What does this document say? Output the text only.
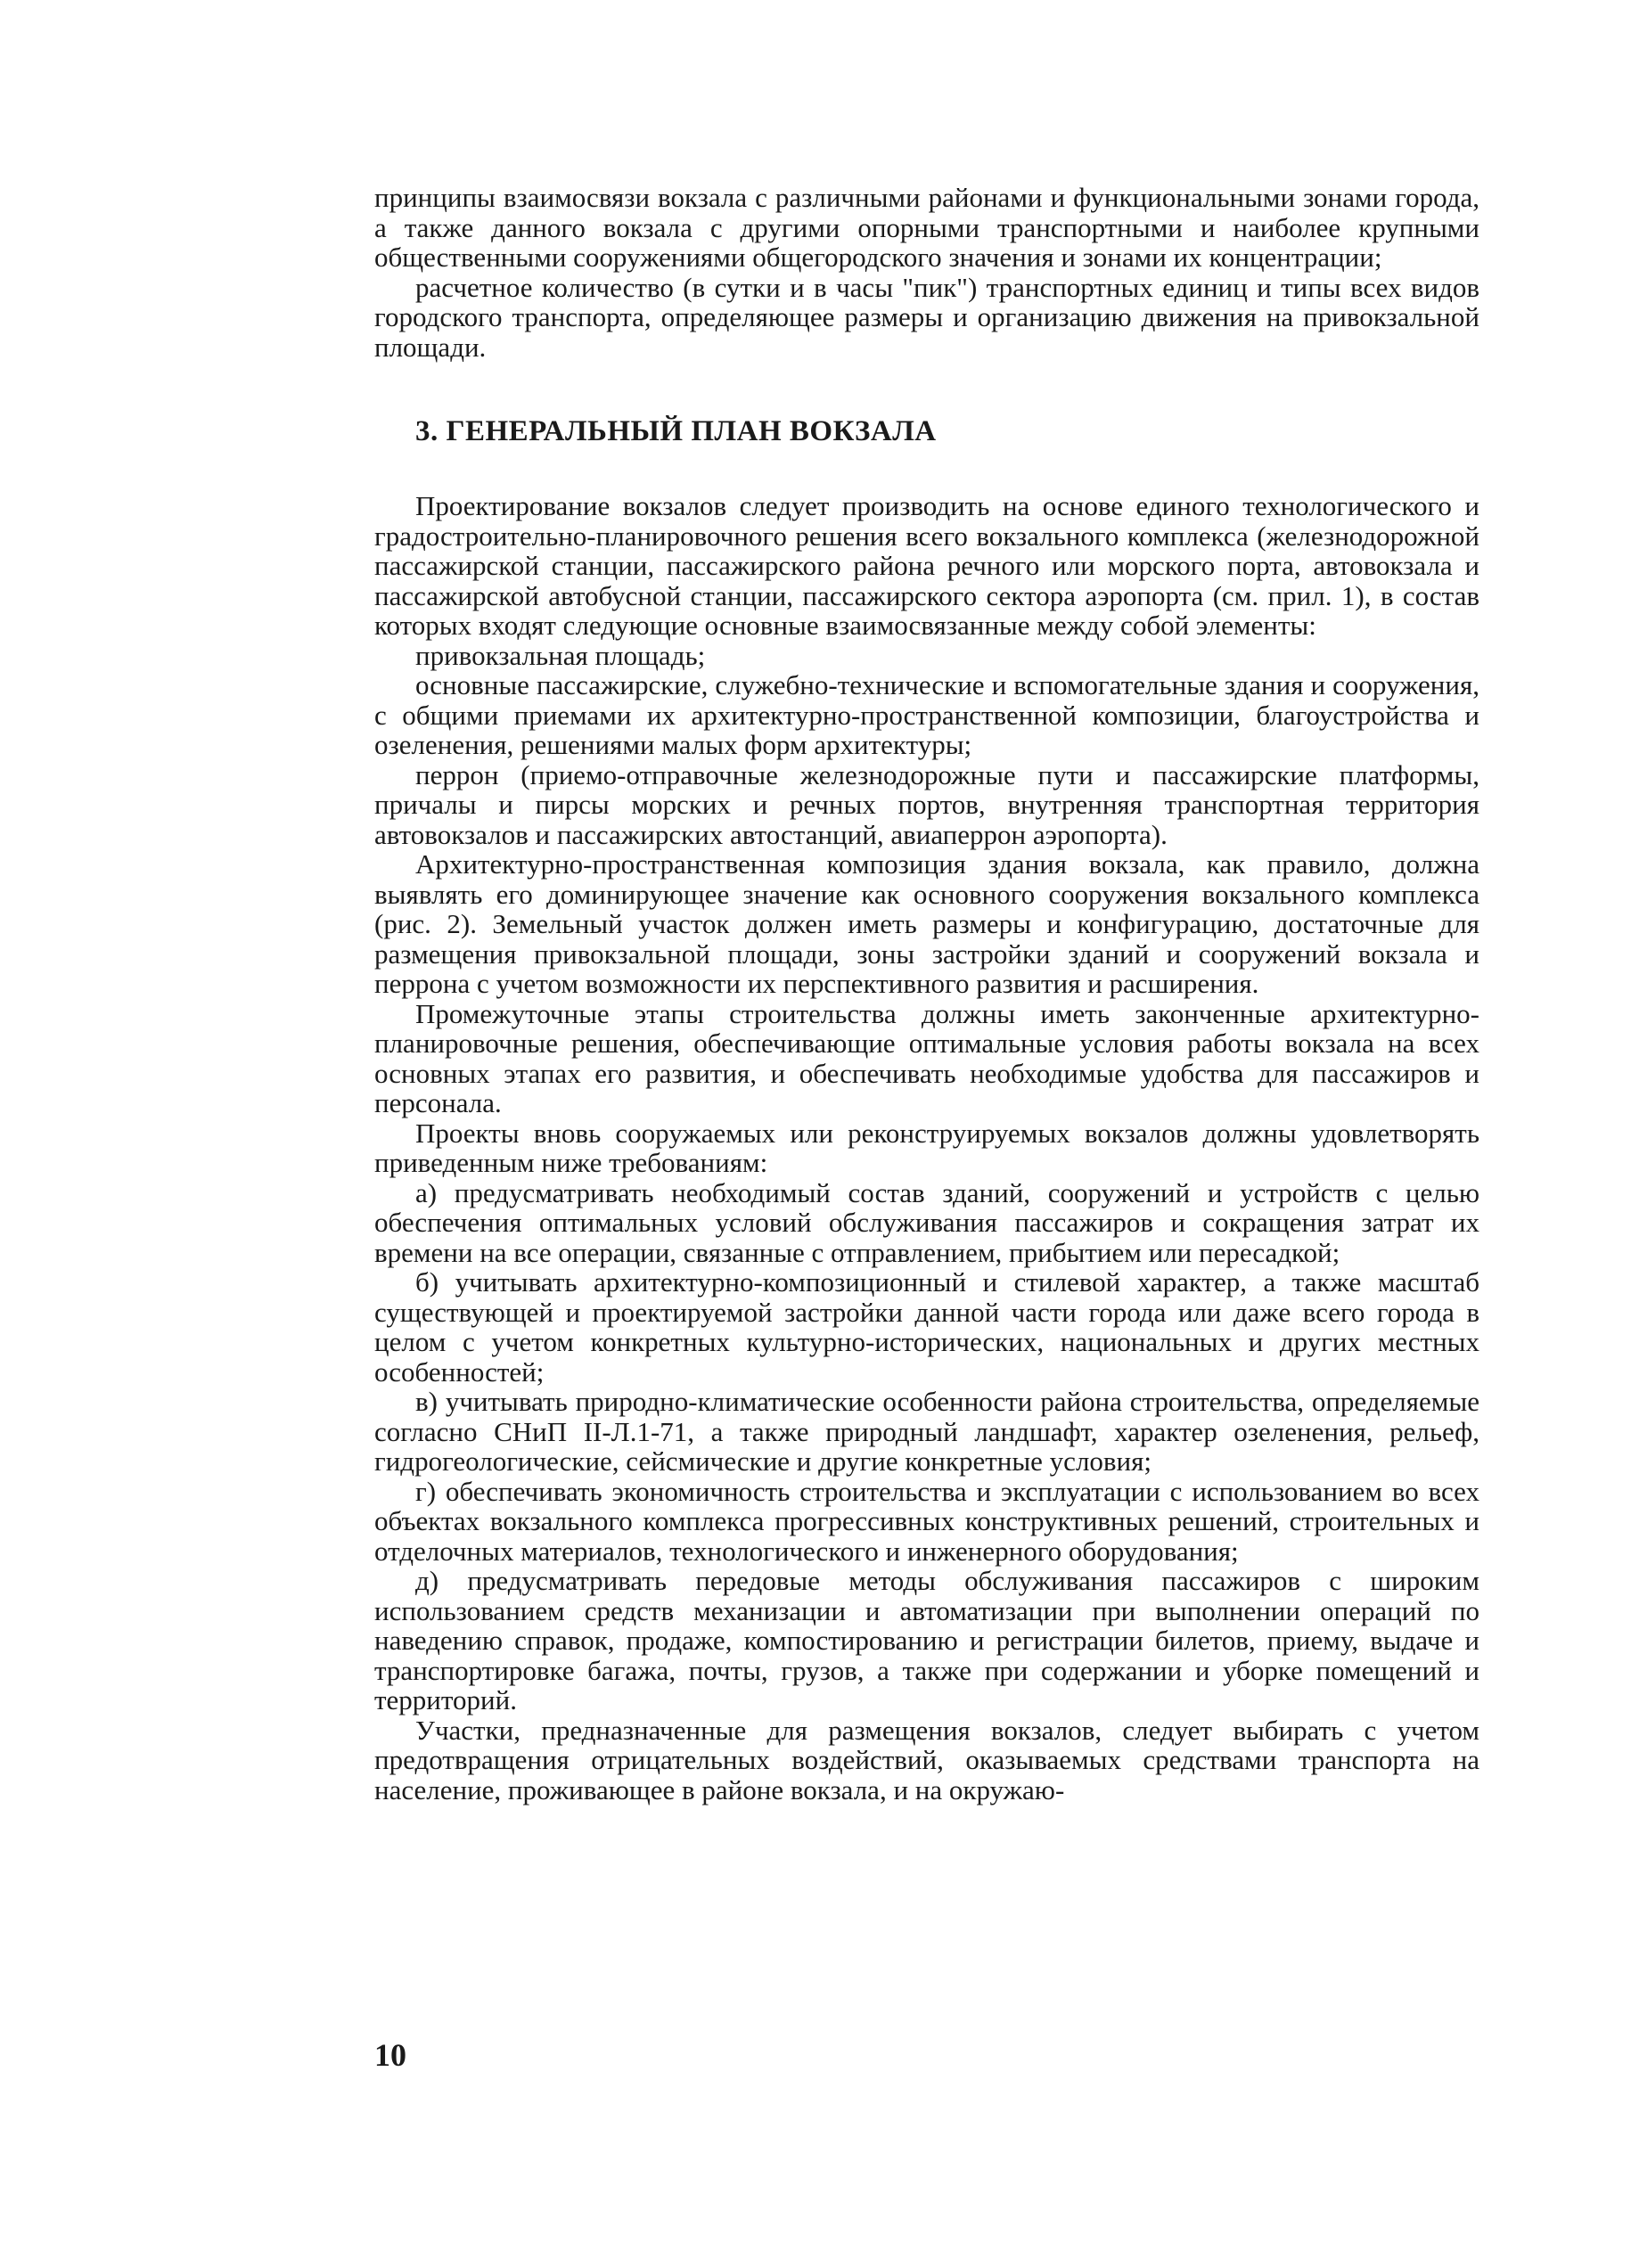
принципы взаимосвязи вокзала с различными районами и функциональными зонами города, а также данного вокзала с другими опорными транспортными и наиболее крупными общественными сооружениями общегородского значения и зонами их концентрации;

расчетное количество (в сутки и в часы "пик") транспортных единиц и типы всех видов городского транспорта, определяющее размеры и организацию движения на привокзальной площади.

3. ГЕНЕРАЛЬНЫЙ ПЛАН ВОКЗАЛА

Проектирование вокзалов следует производить на основе единого технологического и градостроительно-планировочного решения всего вокзального комплекса (железнодорожной пассажирской станции, пассажирского района речного или морского порта, автовокзала и пассажирской автобусной станции, пассажирского сектора аэропорта (см. прил. 1), в состав которых входят следующие основные взаимосвязанные между собой элементы:

привокзальная площадь;

основные пассажирские, служебно-технические и вспомогательные здания и сооружения, с общими приемами их архитектурно-пространственной композиции, благоустройства и озеленения, решениями малых форм архитектуры;

перрон (приемо-отправочные железнодорожные пути и пассажирские платформы, причалы и пирсы морских и речных портов, внутренняя транспортная территория автовокзалов и пассажирских автостанций, авиаперрон аэропорта).

Архитектурно-пространственная композиция здания вокзала, как правило, должна выявлять его доминирующее значение как основного сооружения вокзального комплекса (рис. 2). Земельный участок должен иметь размеры и конфигурацию, достаточные для размещения привокзальной площади, зоны застройки зданий и сооружений вокзала и перрона с учетом возможности их перспективного развития и расширения.

Промежуточные этапы строительства должны иметь законченные архитектурно-планировочные решения, обеспечивающие оптимальные условия работы вокзала на всех основных этапах его развития, и обеспечивать необходимые удобства для пассажиров и персонала.

Проекты вновь сооружаемых или реконструируемых вокзалов должны удовлетворять приведенным ниже требованиям:

а) предусматривать необходимый состав зданий, сооружений и устройств с целью обеспечения оптимальных условий обслуживания пассажиров и сокращения затрат их времени на все операции, связанные с отправлением, прибытием или пересадкой;

б) учитывать архитектурно-композиционный и стилевой характер, а также масштаб существующей и проектируемой застройки данной части города или даже всего города в целом с учетом конкретных культурно-исторических, национальных и других местных особенностей;

в) учитывать природно-климатические особенности района строительства, определяемые согласно СНиП II-Л.1-71, а также природный ландшафт, характер озеленения, рельеф, гидрогеологические, сейсмические и другие конкретные условия;

г) обеспечивать экономичность строительства и эксплуатации с использованием во всех объектах вокзального комплекса прогрессивных конструктивных решений, строительных и отделочных материалов, технологического и инженерного оборудования;

д) предусматривать передовые методы обслуживания пассажиров с широким использованием средств механизации и автоматизации при выполнении операций по наведению справок, продаже, компостированию и регистрации билетов, приему, выдаче и транспортировке багажа, почты, грузов, а также при содержании и уборке помещений и территорий.

Участки, предназначенные для размещения вокзалов, следует выбирать с учетом предотвращения отрицательных воздействий, оказываемых средствами транспорта на население, проживающее в районе вокзала, и на окружаю-

10
